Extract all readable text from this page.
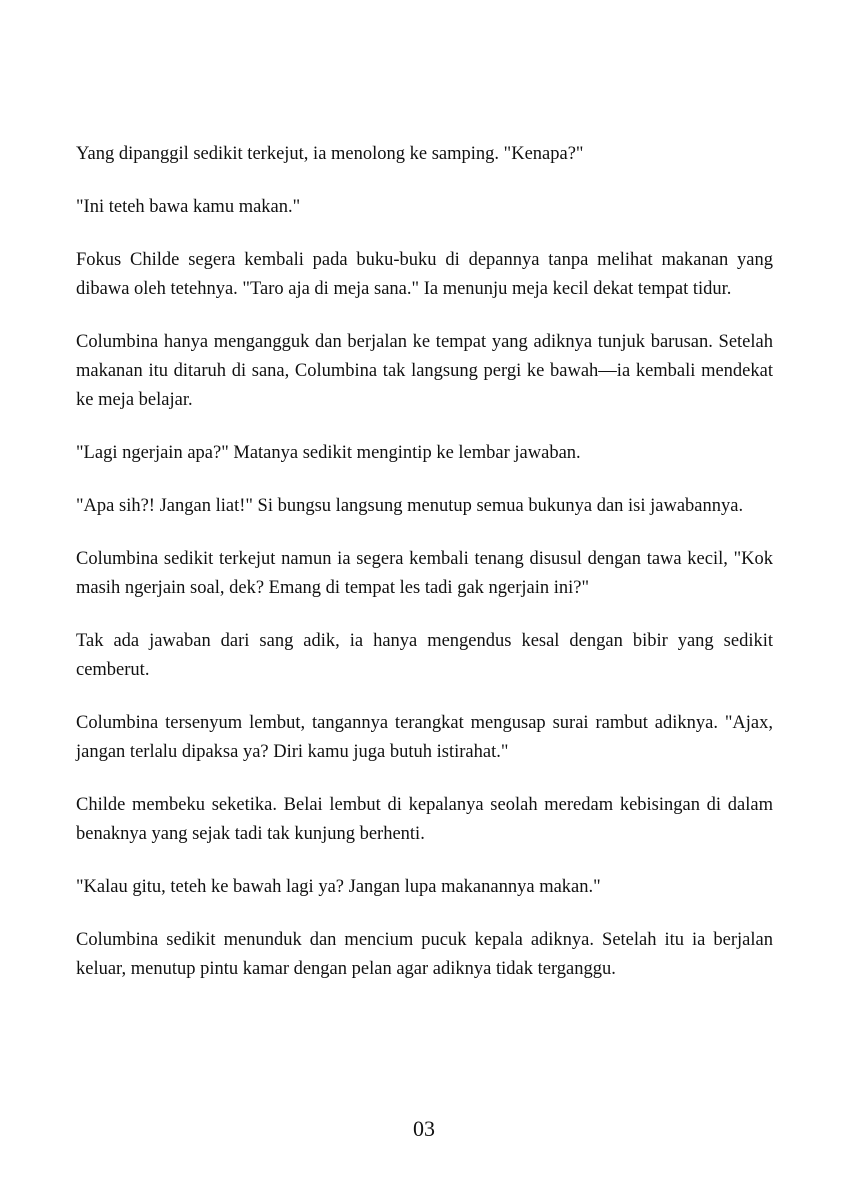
Yang dipanggil sedikit terkejut, ia menolong ke samping. "Kenapa?"

"Ini teteh bawa kamu makan."

Fokus Childe segera kembali pada buku-buku di depannya tanpa melihat makanan yang dibawa oleh tetehnya. "Taro aja di meja sana." Ia menunju meja kecil dekat tempat tidur.

Columbina hanya mengangguk dan berjalan ke tempat yang adiknya tunjuk barusan. Setelah makanan itu ditaruh di sana, Columbina tak langsung pergi ke bawah—ia kembali mendekat ke meja belajar.

"Lagi ngerjain apa?" Matanya sedikit mengintip ke lembar jawaban.

"Apa sih?! Jangan liat!" Si bungsu langsung menutup semua bukunya dan isi jawabannya.

Columbina sedikit terkejut namun ia segera kembali tenang disusul dengan tawa kecil, "Kok masih ngerjain soal, dek? Emang di tempat les tadi gak ngerjain ini?"

Tak ada jawaban dari sang adik, ia hanya mengendus kesal dengan bibir yang sedikit cemberut.

Columbina tersenyum lembut, tangannya terangkat mengusap surai rambut adiknya. "Ajax, jangan terlalu dipaksa ya? Diri kamu juga butuh istirahat."

Childe membeku seketika. Belai lembut di kepalanya seolah meredam kebisingan di dalam benaknya yang sejak tadi tak kunjung berhenti.

"Kalau gitu, teteh ke bawah lagi ya? Jangan lupa makanannya makan."

Columbina sedikit menunduk dan mencium pucuk kepala adiknya. Setelah itu ia berjalan keluar, menutup pintu kamar dengan pelan agar adiknya tidak terganggu.

03
